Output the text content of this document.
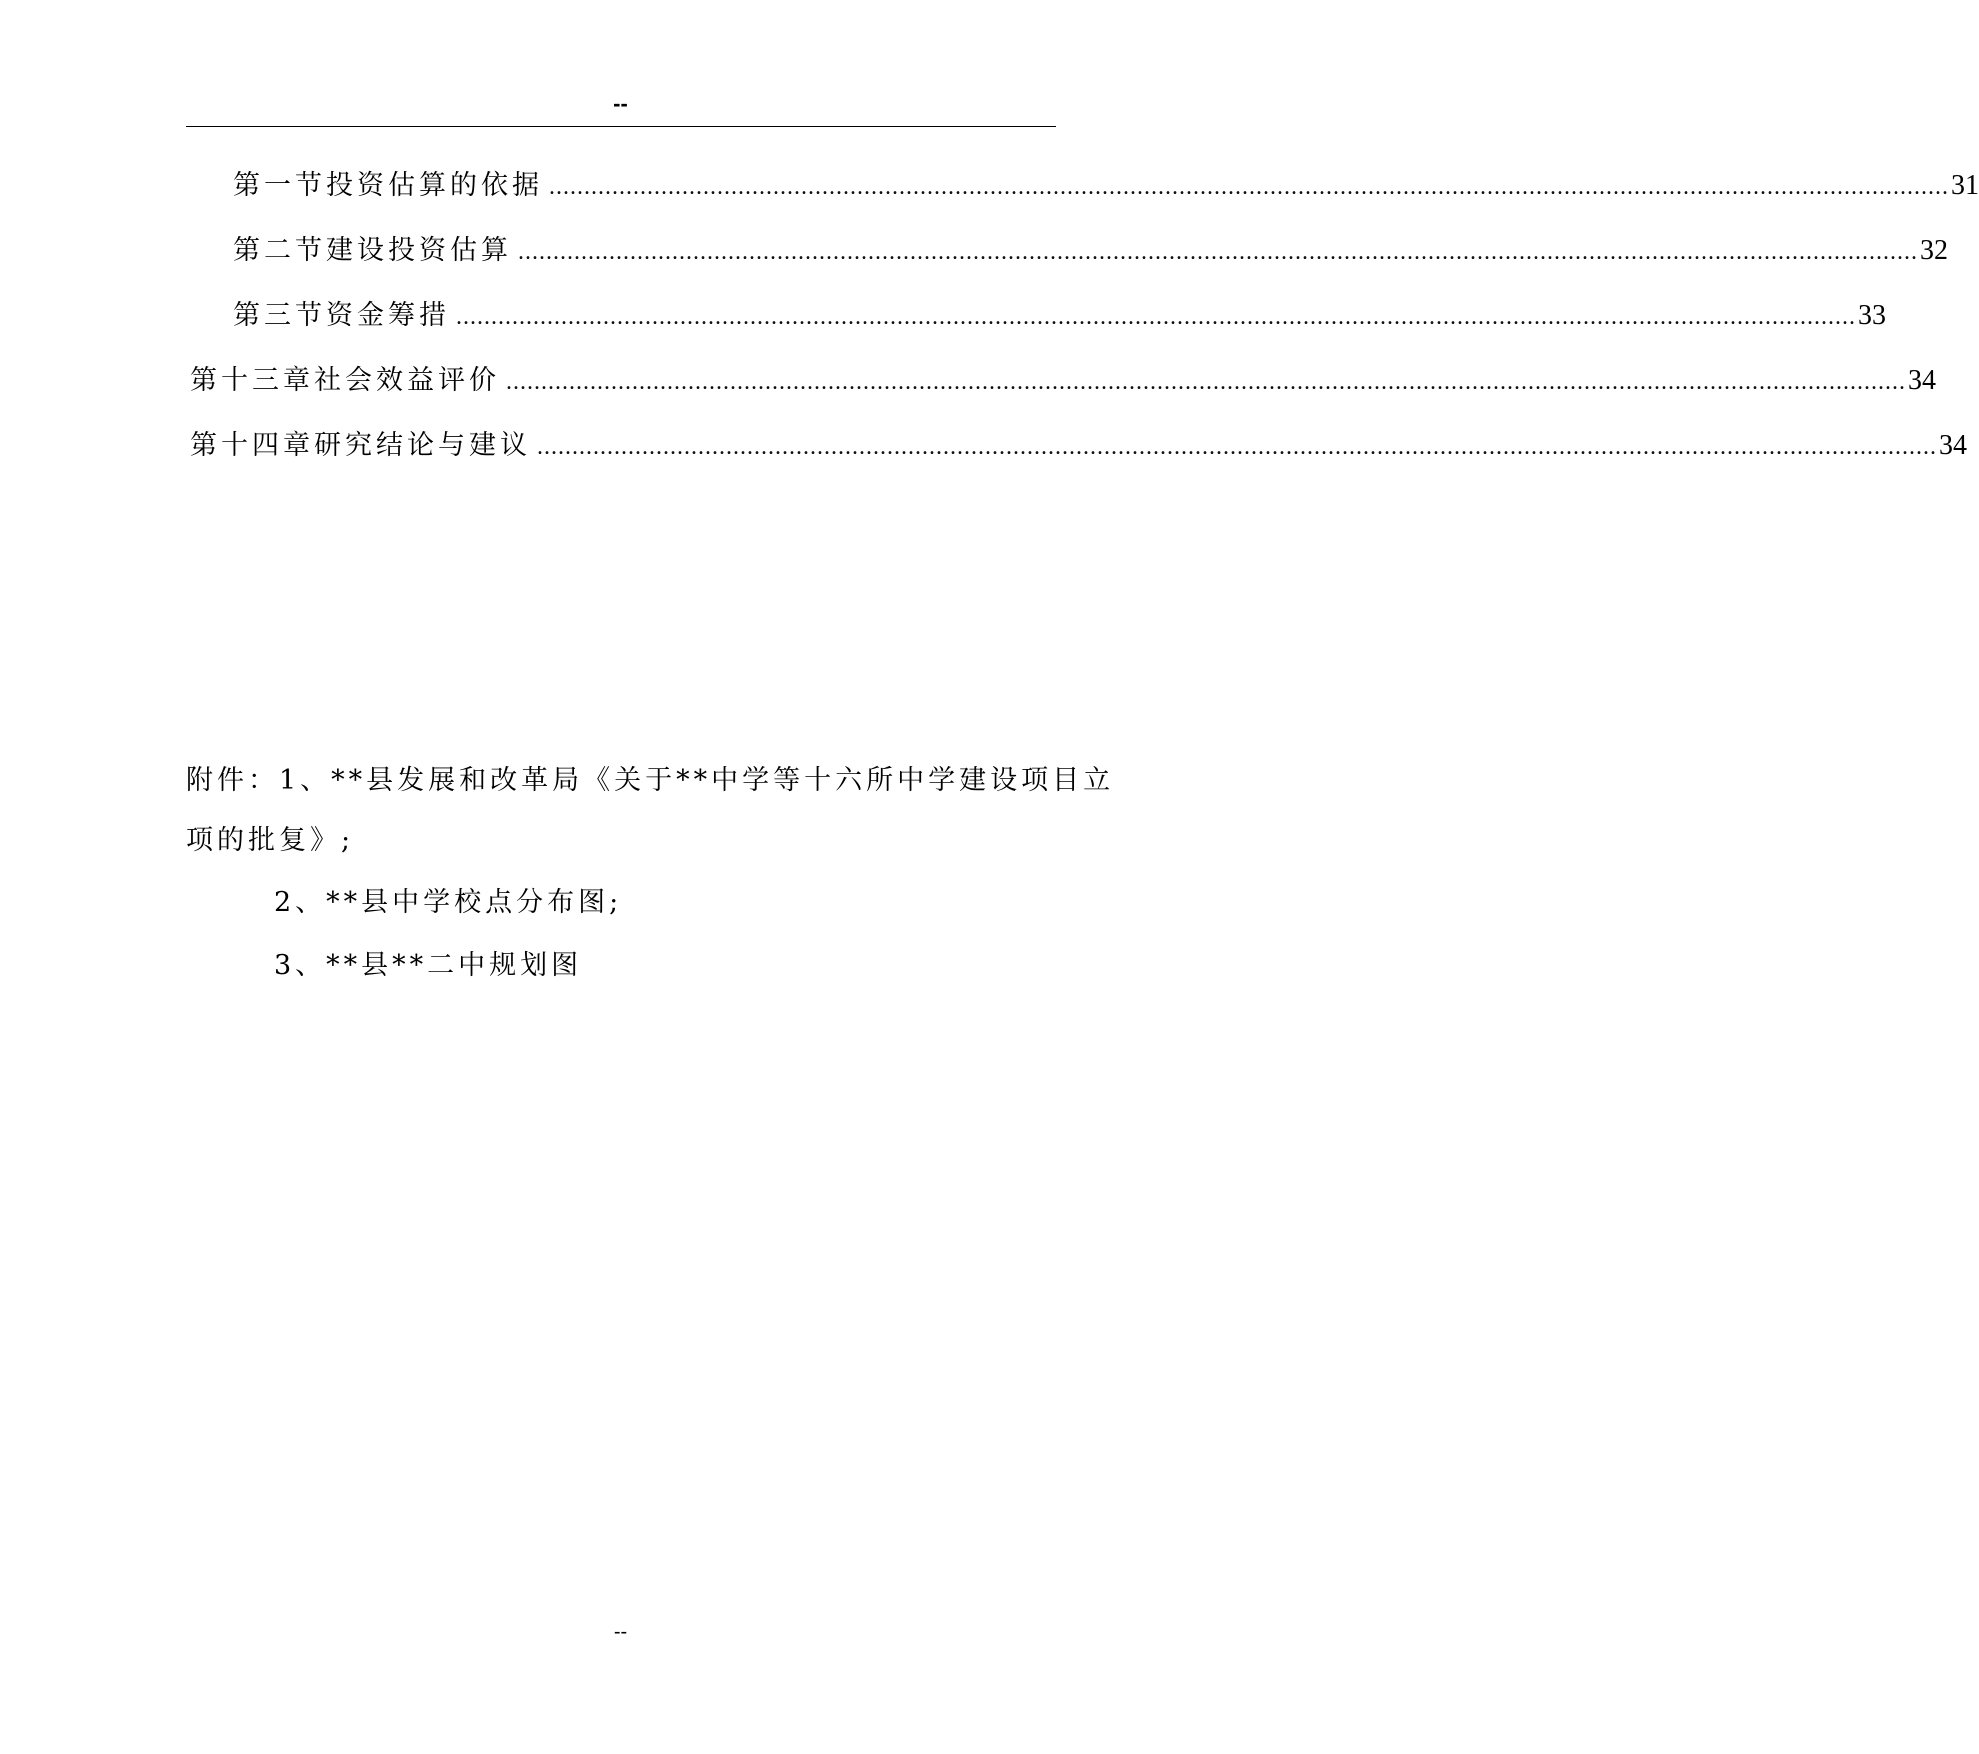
--
第一节 投资估算的依据 ........................................................................................................................................................................................................ 31
第二节 建设投资估算 ........................................................................................................................................................................................................ 32
第三节 资金筹措 ........................................................................................................................................................................................................ 33
第十三章 社会效益评价 ........................................................................................................................................................................................................ 34
第十四章 研究结论与建议 ........................................................................................................................................................................................................ 34
附件：1、**县发展和改革局《关于**中学等十六所中学建设项目立
项的批复》;
2、**县中学校点分布图;
3、**县**二中规划图
--
